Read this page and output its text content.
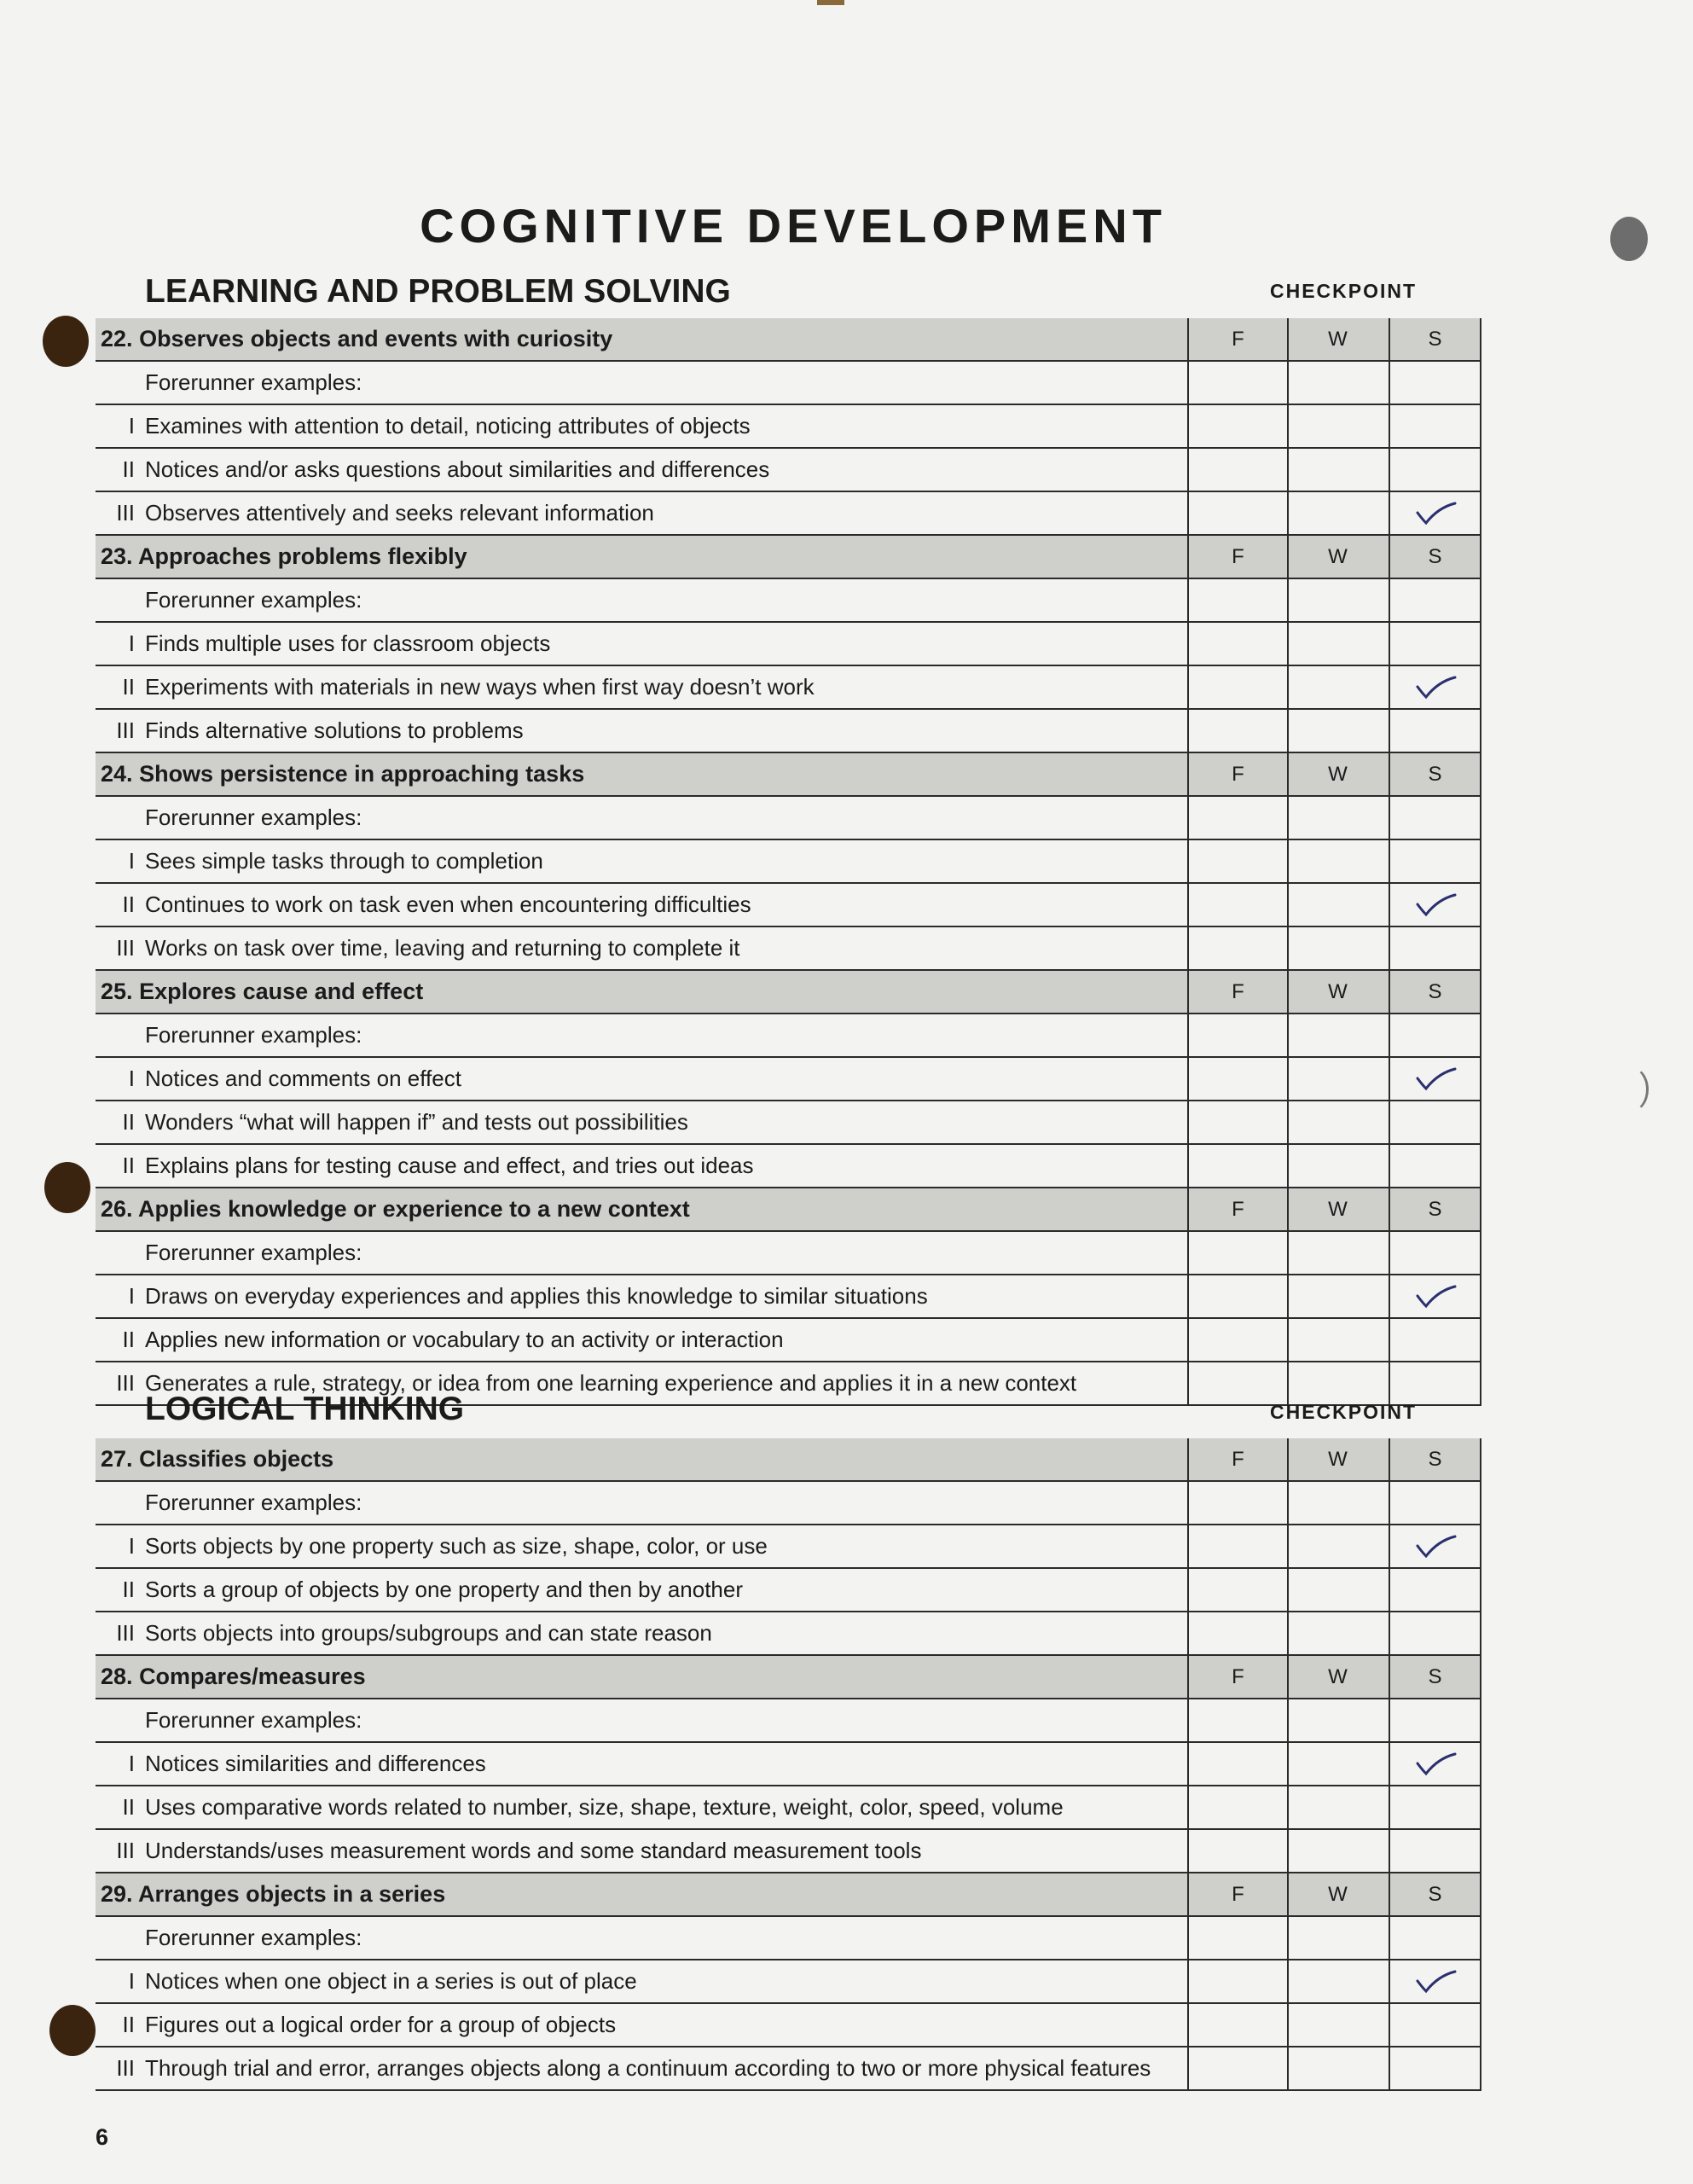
COGNITIVE DEVELOPMENT
LEARNING AND PROBLEM SOLVING	CHECKPOINT
22. Observes objects and events with curiosity	F	W	S
Forerunner examples:
I Examines with attention to detail, noticing attributes of objects
II Notices and/or asks questions about similarities and differences
III Observes attentively and seeks relevant information
23. Approaches problems flexibly	F	W	S
Forerunner examples:
I Finds multiple uses for classroom objects
II Experiments with materials in new ways when first way doesn’t work
III Finds alternative solutions to problems
24. Shows persistence in approaching tasks	F	W	S
Forerunner examples:
I Sees simple tasks through to completion
II Continues to work on task even when encountering difficulties
III Works on task over time, leaving and returning to complete it
25. Explores cause and effect	F	W	S
Forerunner examples:
I Notices and comments on effect
II Wonders “what will happen if” and tests out possibilities
II Explains plans for testing cause and effect, and tries out ideas
26. Applies knowledge or experience to a new context	F	W	S
Forerunner examples:
I Draws on everyday experiences and applies this knowledge to similar situations
II Applies new information or vocabulary to an activity or interaction
III Generates a rule, strategy, or idea from one learning experience and applies it in a new context
LOGICAL THINKING	CHECKPOINT
27. Classifies objects	F	W	S
Forerunner examples:
I Sorts objects by one property such as size, shape, color, or use
II Sorts a group of objects by one property and then by another
III Sorts objects into groups/subgroups and can state reason
28. Compares/measures	F	W	S
Forerunner examples:
I Notices similarities and differences
II Uses comparative words related to number, size, shape, texture, weight, color, speed, volume
III Understands/uses measurement words and some standard measurement tools
29. Arranges objects in a series	F	W	S
Forerunner examples:
I Notices when one object in a series is out of place
II Figures out a logical order for a group of objects
III Through trial and error, arranges objects along a continuum according to two or more physical features
6
